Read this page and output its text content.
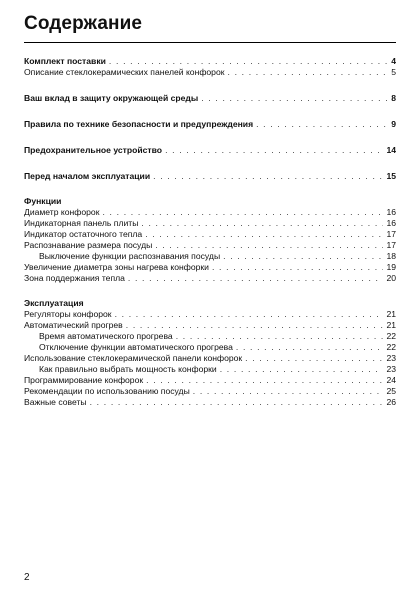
Содержание
Комплект поставки . . .	4
Описание стеклокерамических панелей конфорок . . .	5
Ваш вклад в защиту окружающей среды . . .	8
Правила по технике безопасности и предупреждения . . .	9
Предохранительное устройство . . .	14
Перед началом эксплуатации . . .	15
Функции
Диаметр конфорок . . .	16
Индикаторная панель плиты . . .	16
Индикатор остаточного тепла . . .	17
Распознавание размера посуды . . .	17
Выключение функции распознавания посуды . . .	18
Увеличение диаметра зоны нагрева конфорки . . .	19
Зона поддержания тепла . . .	20
Эксплуатация
Регуляторы конфорок . . .	21
Автоматический прогрев . . .	21
Время автоматического прогрева . . .	22
Отключение функции автоматического прогрева . . .	22
Использование стеклокерамической панели конфорок . . .	23
Как правильно выбрать мощность конфорки . . .	23
Программирование конфорок . . .	24
Рекомендации по использованию посуды . . .	25
Важные советы . . .	26
2
